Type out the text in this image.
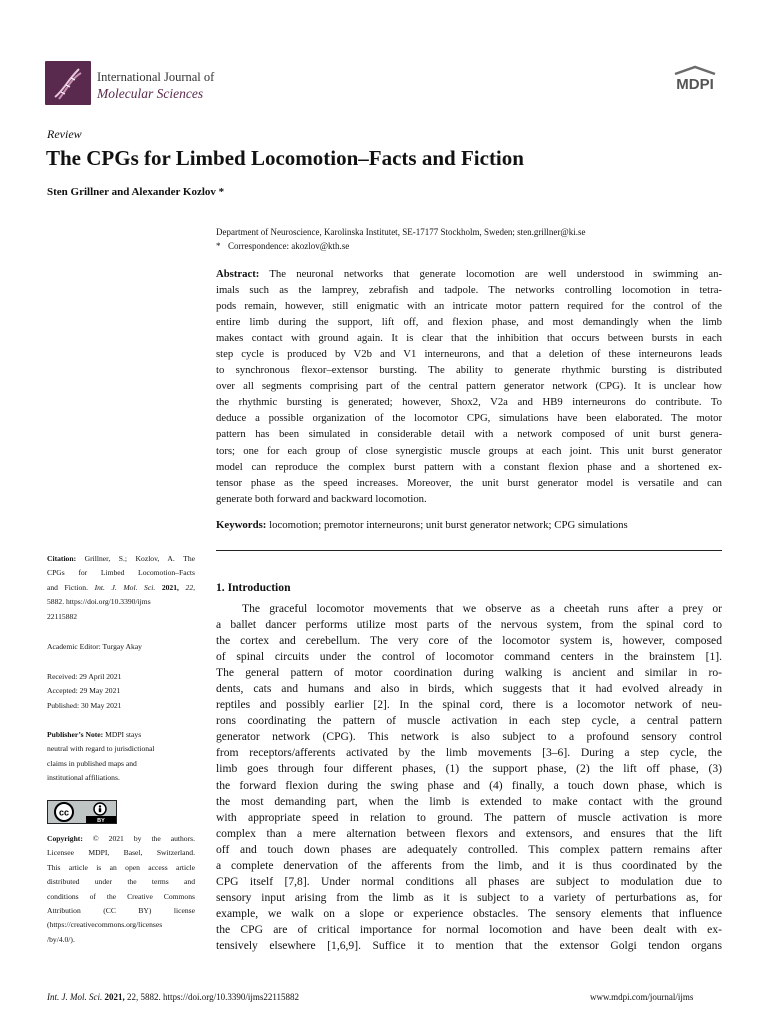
International Journal of
Molecular Sciences
MDPI
Review
The CPGs for Limbed Locomotion–Facts and Fiction
Sten Grillner and Alexander Kozlov *
Department of Neuroscience, Karolinska Institutet, SE-17177 Stockholm, Sweden; sten.grillner@ki.se
* Correspondence: akozlov@kth.se
Abstract: The neuronal networks that generate locomotion are well understood in swimming an-
imals such as the lamprey, zebrafish and tadpole. The networks controlling locomotion in tetra-
pods remain, however, still enigmatic with an intricate motor pattern required for the control of the
entire limb during the support, lift off, and flexion phase, and most demandingly when the limb
makes contact with ground again. It is clear that the inhibition that occurs between bursts in each
step cycle is produced by V2b and V1 interneurons, and that a deletion of these interneurons leads
to synchronous flexor–extensor bursting. The ability to generate rhythmic bursting is distributed
over all segments comprising part of the central pattern generator network (CPG). It is unclear how
the rhythmic bursting is generated; however, Shox2, V2a and HB9 interneurons do contribute. To
deduce a possible organization of the locomotor CPG, simulations have been elaborated. The motor
pattern has been simulated in considerable detail with a network composed of unit burst genera-
tors; one for each group of close synergistic muscle groups at each joint. This unit burst generator
model can reproduce the complex burst pattern with a constant flexion phase and a shortened ex-
tensor phase as the speed increases. Moreover, the unit burst generator model is versatile and can
generate both forward and backward locomotion.
Keywords: locomotion; premotor interneurons; unit burst generator network; CPG simulations
Citation: Grillner, S.; Kozlov, A. The
CPGs for Limbed Locomotion–Facts
and Fiction. Int. J. Mol. Sci. 2021, 22,
5882. https://doi.org/10.3390/ijms
22115882
Academic Editor: Turgay Akay
Received: 29 April 2021
Accepted: 29 May 2021
Published: 30 May 2021
Publisher’s Note: MDPI stays
neutral with regard to jurisdictional
claims in published maps and
institutional affiliations.
cc
BY
Copyright: © 2021 by the authors.
Licensee MDPI, Basel, Switzerland.
This article is an open access article
distributed under the terms and
conditions of the Creative Commons
Attribution (CC BY) license
(https://creativecommons.org/licenses
/by/4.0/).
1. Introduction
The graceful locomotor movements that we observe as a cheetah runs after a prey or
a ballet dancer performs utilize most parts of the nervous system, from the spinal cord to
the cortex and cerebellum. The very core of the locomotor system is, however, composed
of spinal circuits under the control of locomotor command centers in the brainstem [1].
The general pattern of motor coordination during walking is ancient and similar in ro-
dents, cats and humans and also in birds, which suggests that it had evolved already in
reptiles and possibly earlier [2]. In the spinal cord, there is a locomotor network of neu-
rons coordinating the pattern of muscle activation in each step cycle, a central pattern
generator network (CPG). This network is also subject to a profound sensory control
from receptors/afferents activated by the limb movements [3–6]. During a step cycle, the
limb goes through four different phases, (1) the support phase, (2) the lift off phase, (3)
the forward flexion during the swing phase and (4) finally, a touch down phase, which is
the most demanding part, when the limb is extended to make contact with the ground
with appropriate speed in relation to ground. The pattern of muscle activation is more
complex than a mere alternation between flexors and extensors, and ensures that the lift
off and touch down phases are adequately controlled. This complex pattern remains after
a complete denervation of the afferents from the limb, and it is thus coordinated by the
CPG itself [7,8]. Under normal conditions all phases are subject to modulation due to
sensory input arising from the limb as it is subject to a variety of perturbations as, for
example, we walk on a slope or experience obstacles. The sensory elements that influence
the CPG are of critical importance for normal locomotion and have been dealt with ex-
tensively elsewhere [1,6,9]. Suffice it to mention that the extensor Golgi tendon organs
Int. J. Mol. Sci. 2021, 22, 5882. https://doi.org/10.3390/ijms22115882	www.mdpi.com/journal/ijms
